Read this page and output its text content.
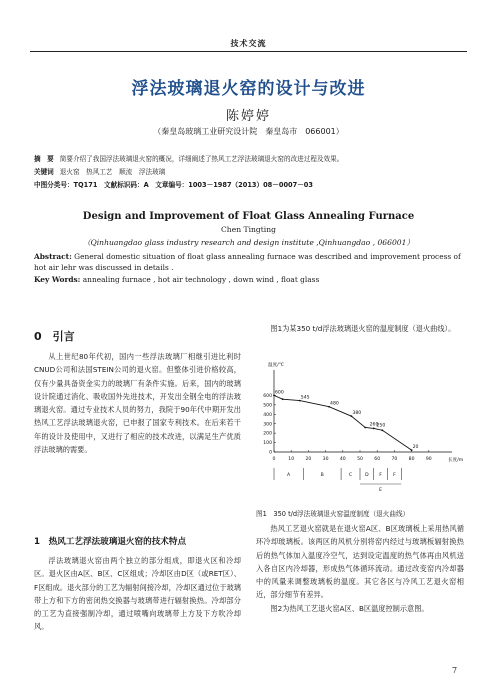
技术交流
浮法玻璃退火窑的设计与改进
陈婷婷
（秦皇岛玻璃工业研究设计院　秦皇岛市　066001）
摘　要 简要介绍了我国浮法玻璃退火窑的概况，详细阐述了热风工艺浮法玻璃退火窑的改进过程及效果。
关键词 退火窑　热风工艺　顺流　浮法玻璃
中图分类号：TQ171　文献标识码：A　文章编号：1003－1987（2013）08－0007－03
Design and Improvement of Float Glass Annealing Furnace
Chen Tingting
（Qinhuangdao glass industry research and design institute ,Qinhuangdao , 066001）
Abstract: General domestic situation of float glass annealing furnace was described and improvement process of hot air lehr was discussed in details .
Key Words: annealing furnace , hot air technology , down wind , float glass
0　引言

从上世纪80年代初，国内一些浮法玻璃厂相继引进比利时CNUD公司和法国STEIN公司的退火窑。但整体引进价格较高，仅有少量具备资金实力的玻璃厂有条件实施。后来，国内的玻璃设计院通过消化、吸收国外先进技术，开发出全钢全电的浮法玻璃退火窑。通过专业技术人员的努力，我院于90年代中期开发出热风工艺浮法玻璃退火窑，已申报了国家专利技术。在后来若干年的设计及使用中，又进行了相应的技术改进，以满足生产优质浮法玻璃的需要。

1　热风工艺浮法玻璃退火窑的技术特点

浮法玻璃退火窑由两个独立的部分组成，即退火区和冷却区。退火区由A区、B区、C区组成；冷却区由D区（或RET区）、F区组成。退火部分的工艺为辐射间接冷却，冷却区通过位于玻璃带上方和下方的密闭热交换器与玻璃带进行辐射换热。冷却部分的工艺为直接强制冷却，通过喷嘴向玻璃带上方及下方吹冷却风。

图1为某350 t/d浮法玻璃退火窑的温度制度（退火曲线）。

温度/℃
长度/m
0
100
200
300
400
500
600
0	10 20 30 40 50 60 70 80 90
600
545
480
380
260
250
20
A	B	C	D F F
E
图1　350 t/d浮法玻璃退火窑温度制度（退火曲线）

热风工艺退火窑就是在退火窑A区、B区玻璃板上采用热风循环冷却玻璃板。该两区的风机分别将窑内经过与玻璃板辐射换热后的热气体加入温度冷空气，达到设定温度的热气体再由风机送入各自区内冷却器，形成热气体循环流动。通过改变窑内冷却器中的风量来调整玻璃板的温度。其它各区与冷风工艺退火窑相近，部分细节有差异。

图2为热风工艺退火窑A区、B区温度控制示意图。

7
